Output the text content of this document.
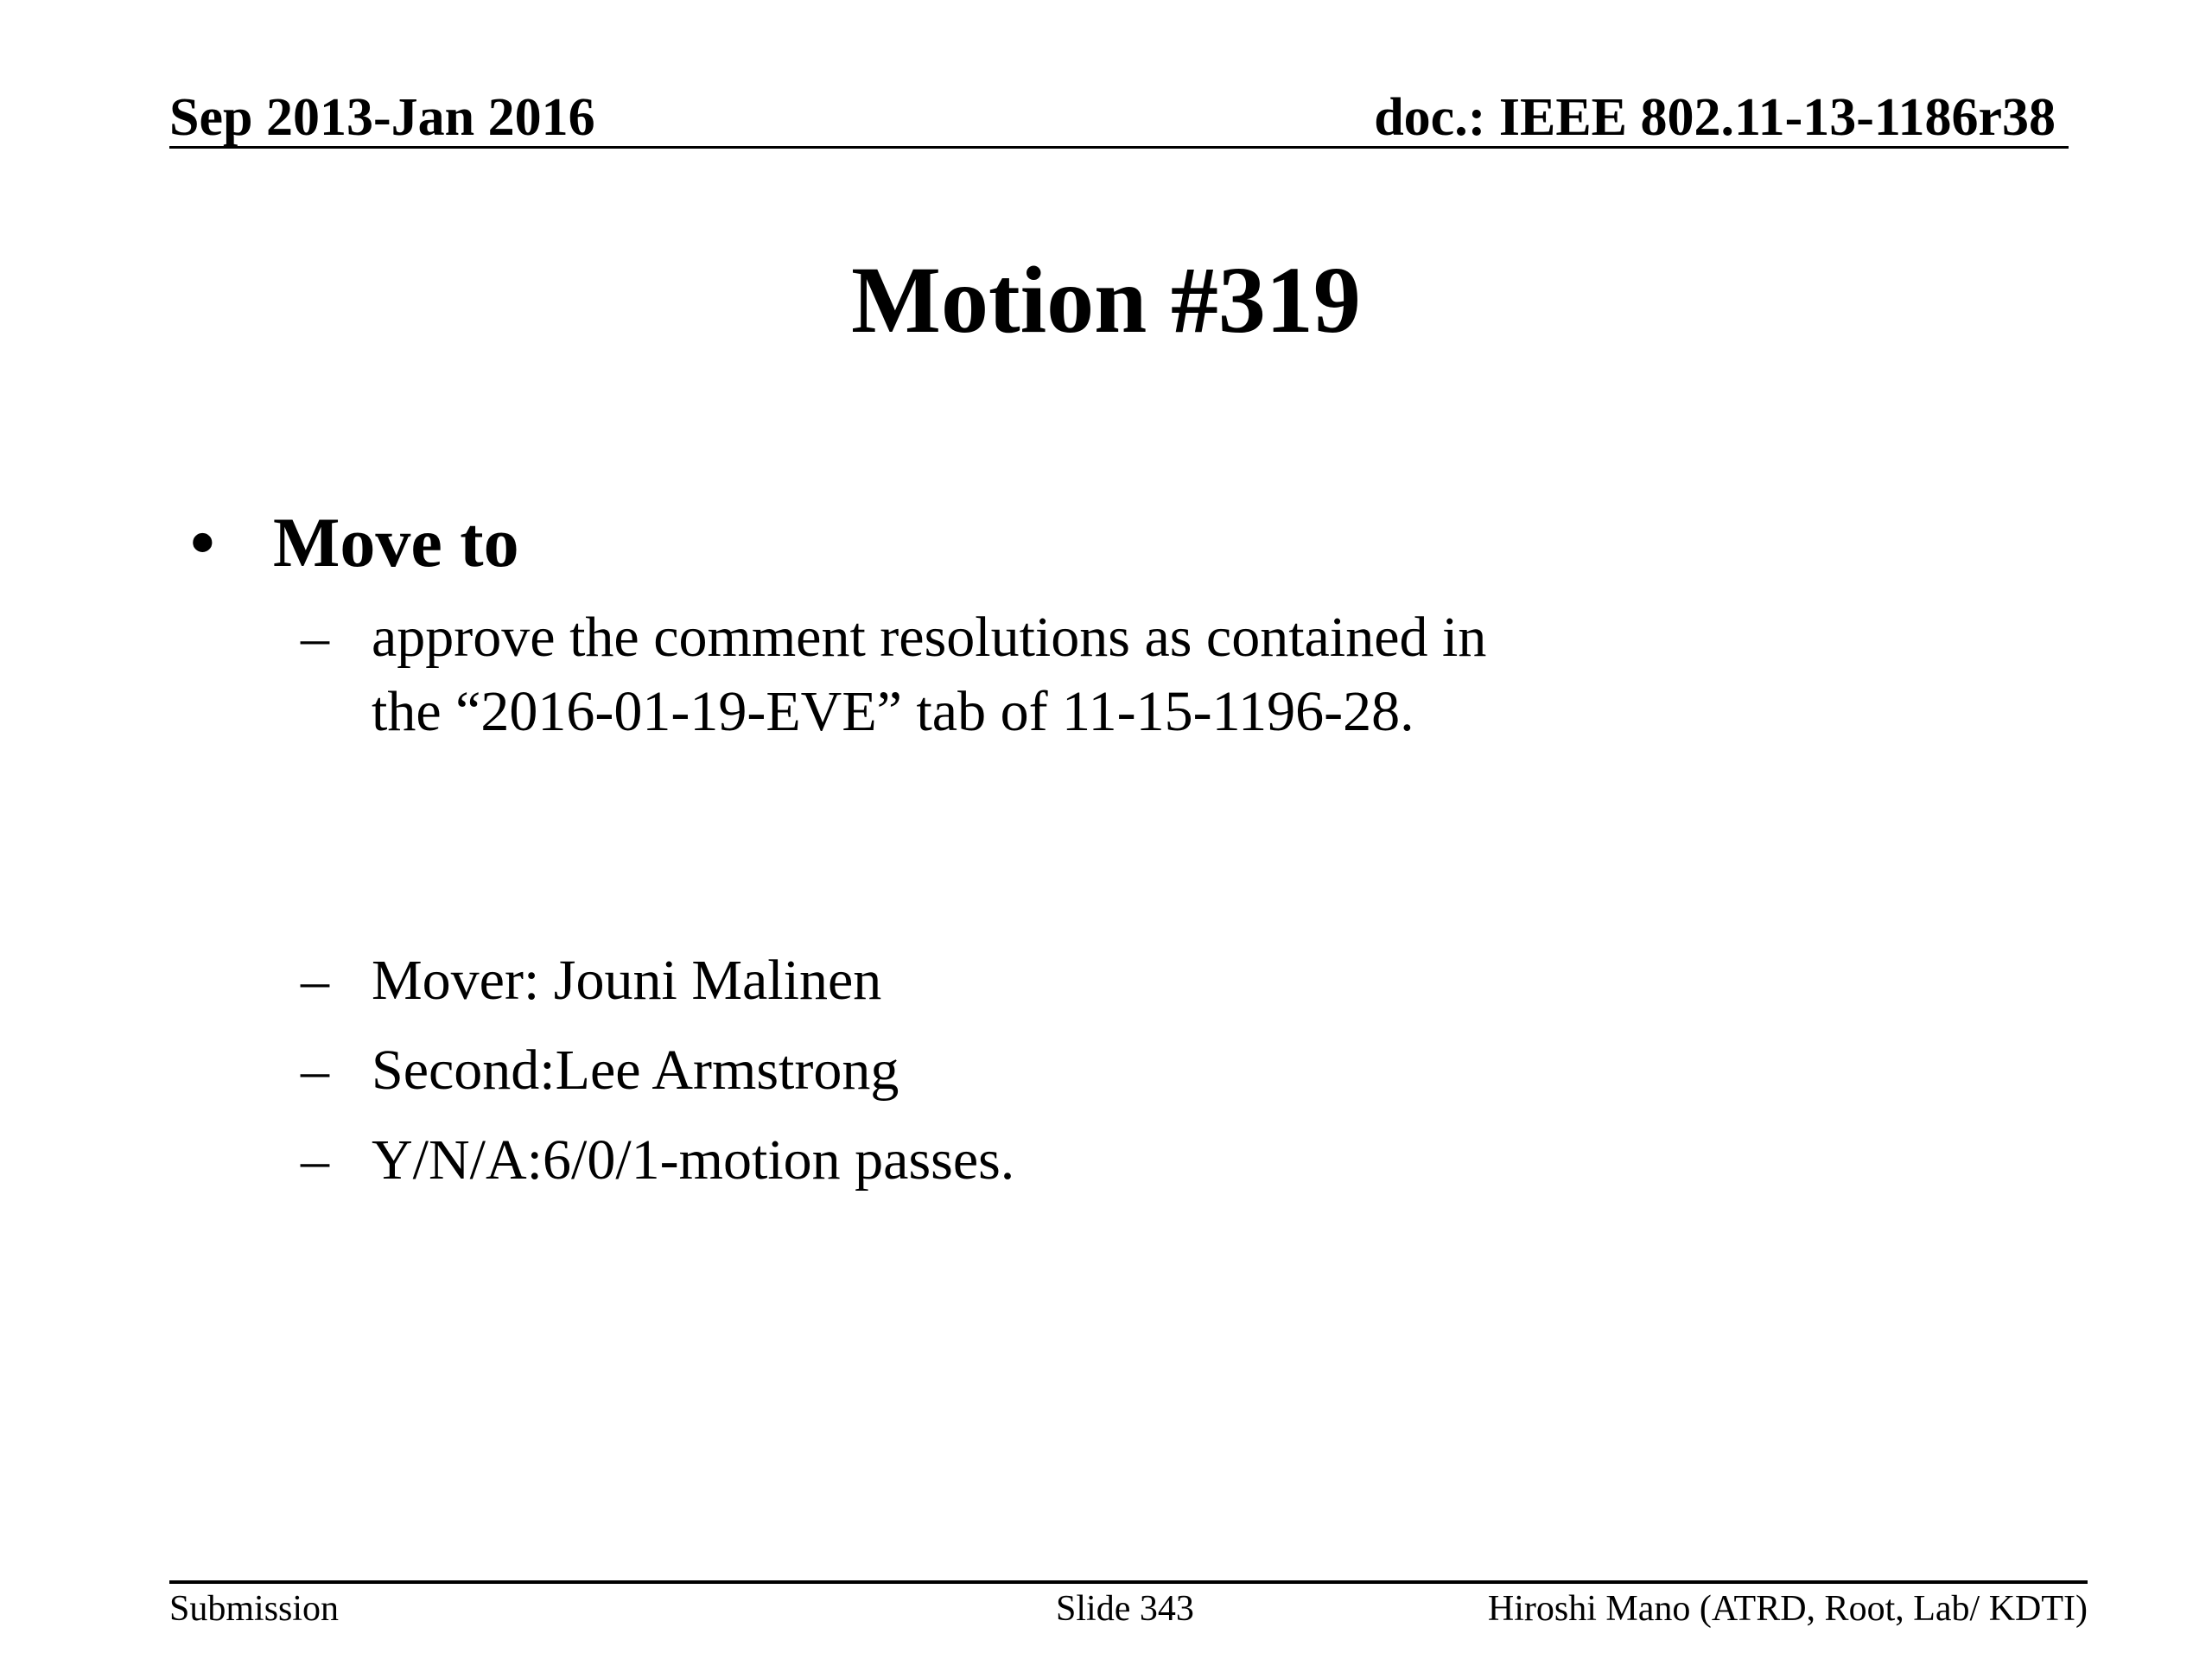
Sep 2013-Jan 2016	doc.: IEEE 802.11-13-1186r38
Motion #319
• Move to
– approve the comment resolutions as contained in
the “2016-01-19-EVE” tab of 11-15-1196-28.
– Mover: Jouni Malinen
– Second:Lee Armstrong
– Y/N/A:6/0/1-motion passes.
Submission	Slide 343	Hiroshi Mano (ATRD, Root, Lab/ KDTI)
